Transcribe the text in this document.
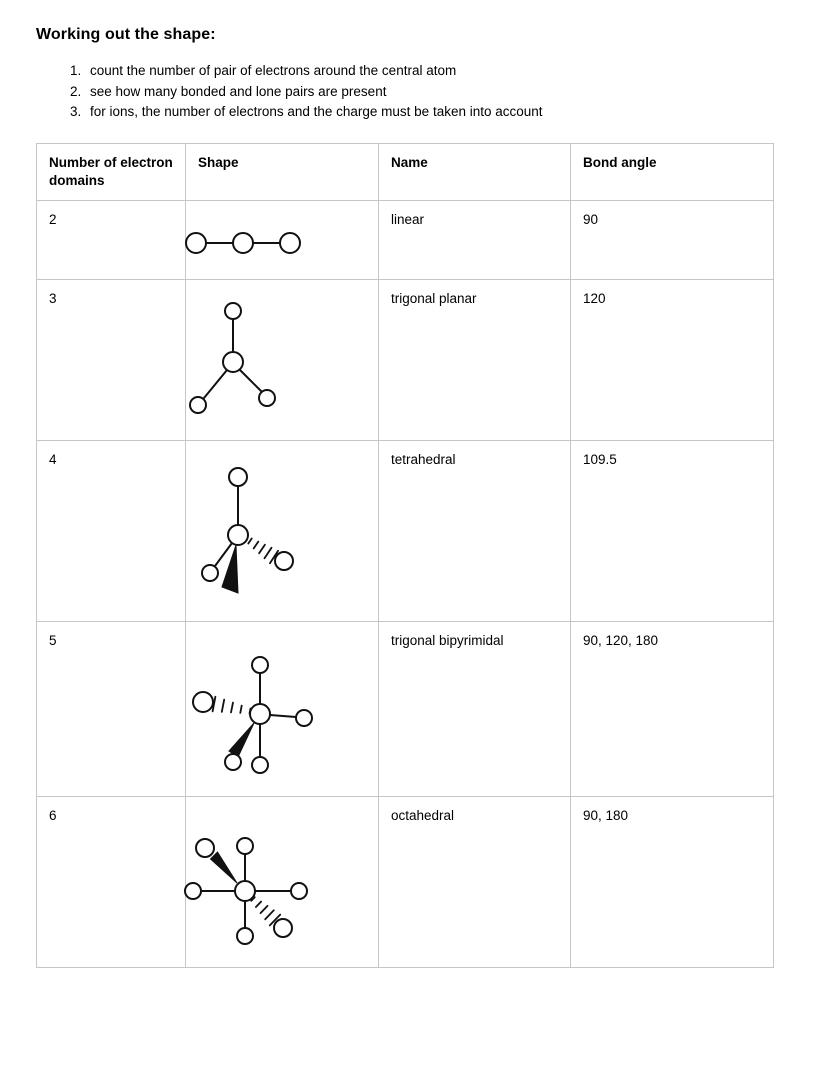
Working out the shape:
1. count the number of pair of electrons around the central atom
2. see how many bonded and lone pairs are present
3. for ions, the number of electrons and the charge must be taken into account
Number of electron domains	Shape	Name	Bond angle
2		linear	90
3		trigonal planar	120
4		tetrahedral	109.5
5		trigonal bipyrimidal	90, 120, 180
6		octahedral	90, 180
